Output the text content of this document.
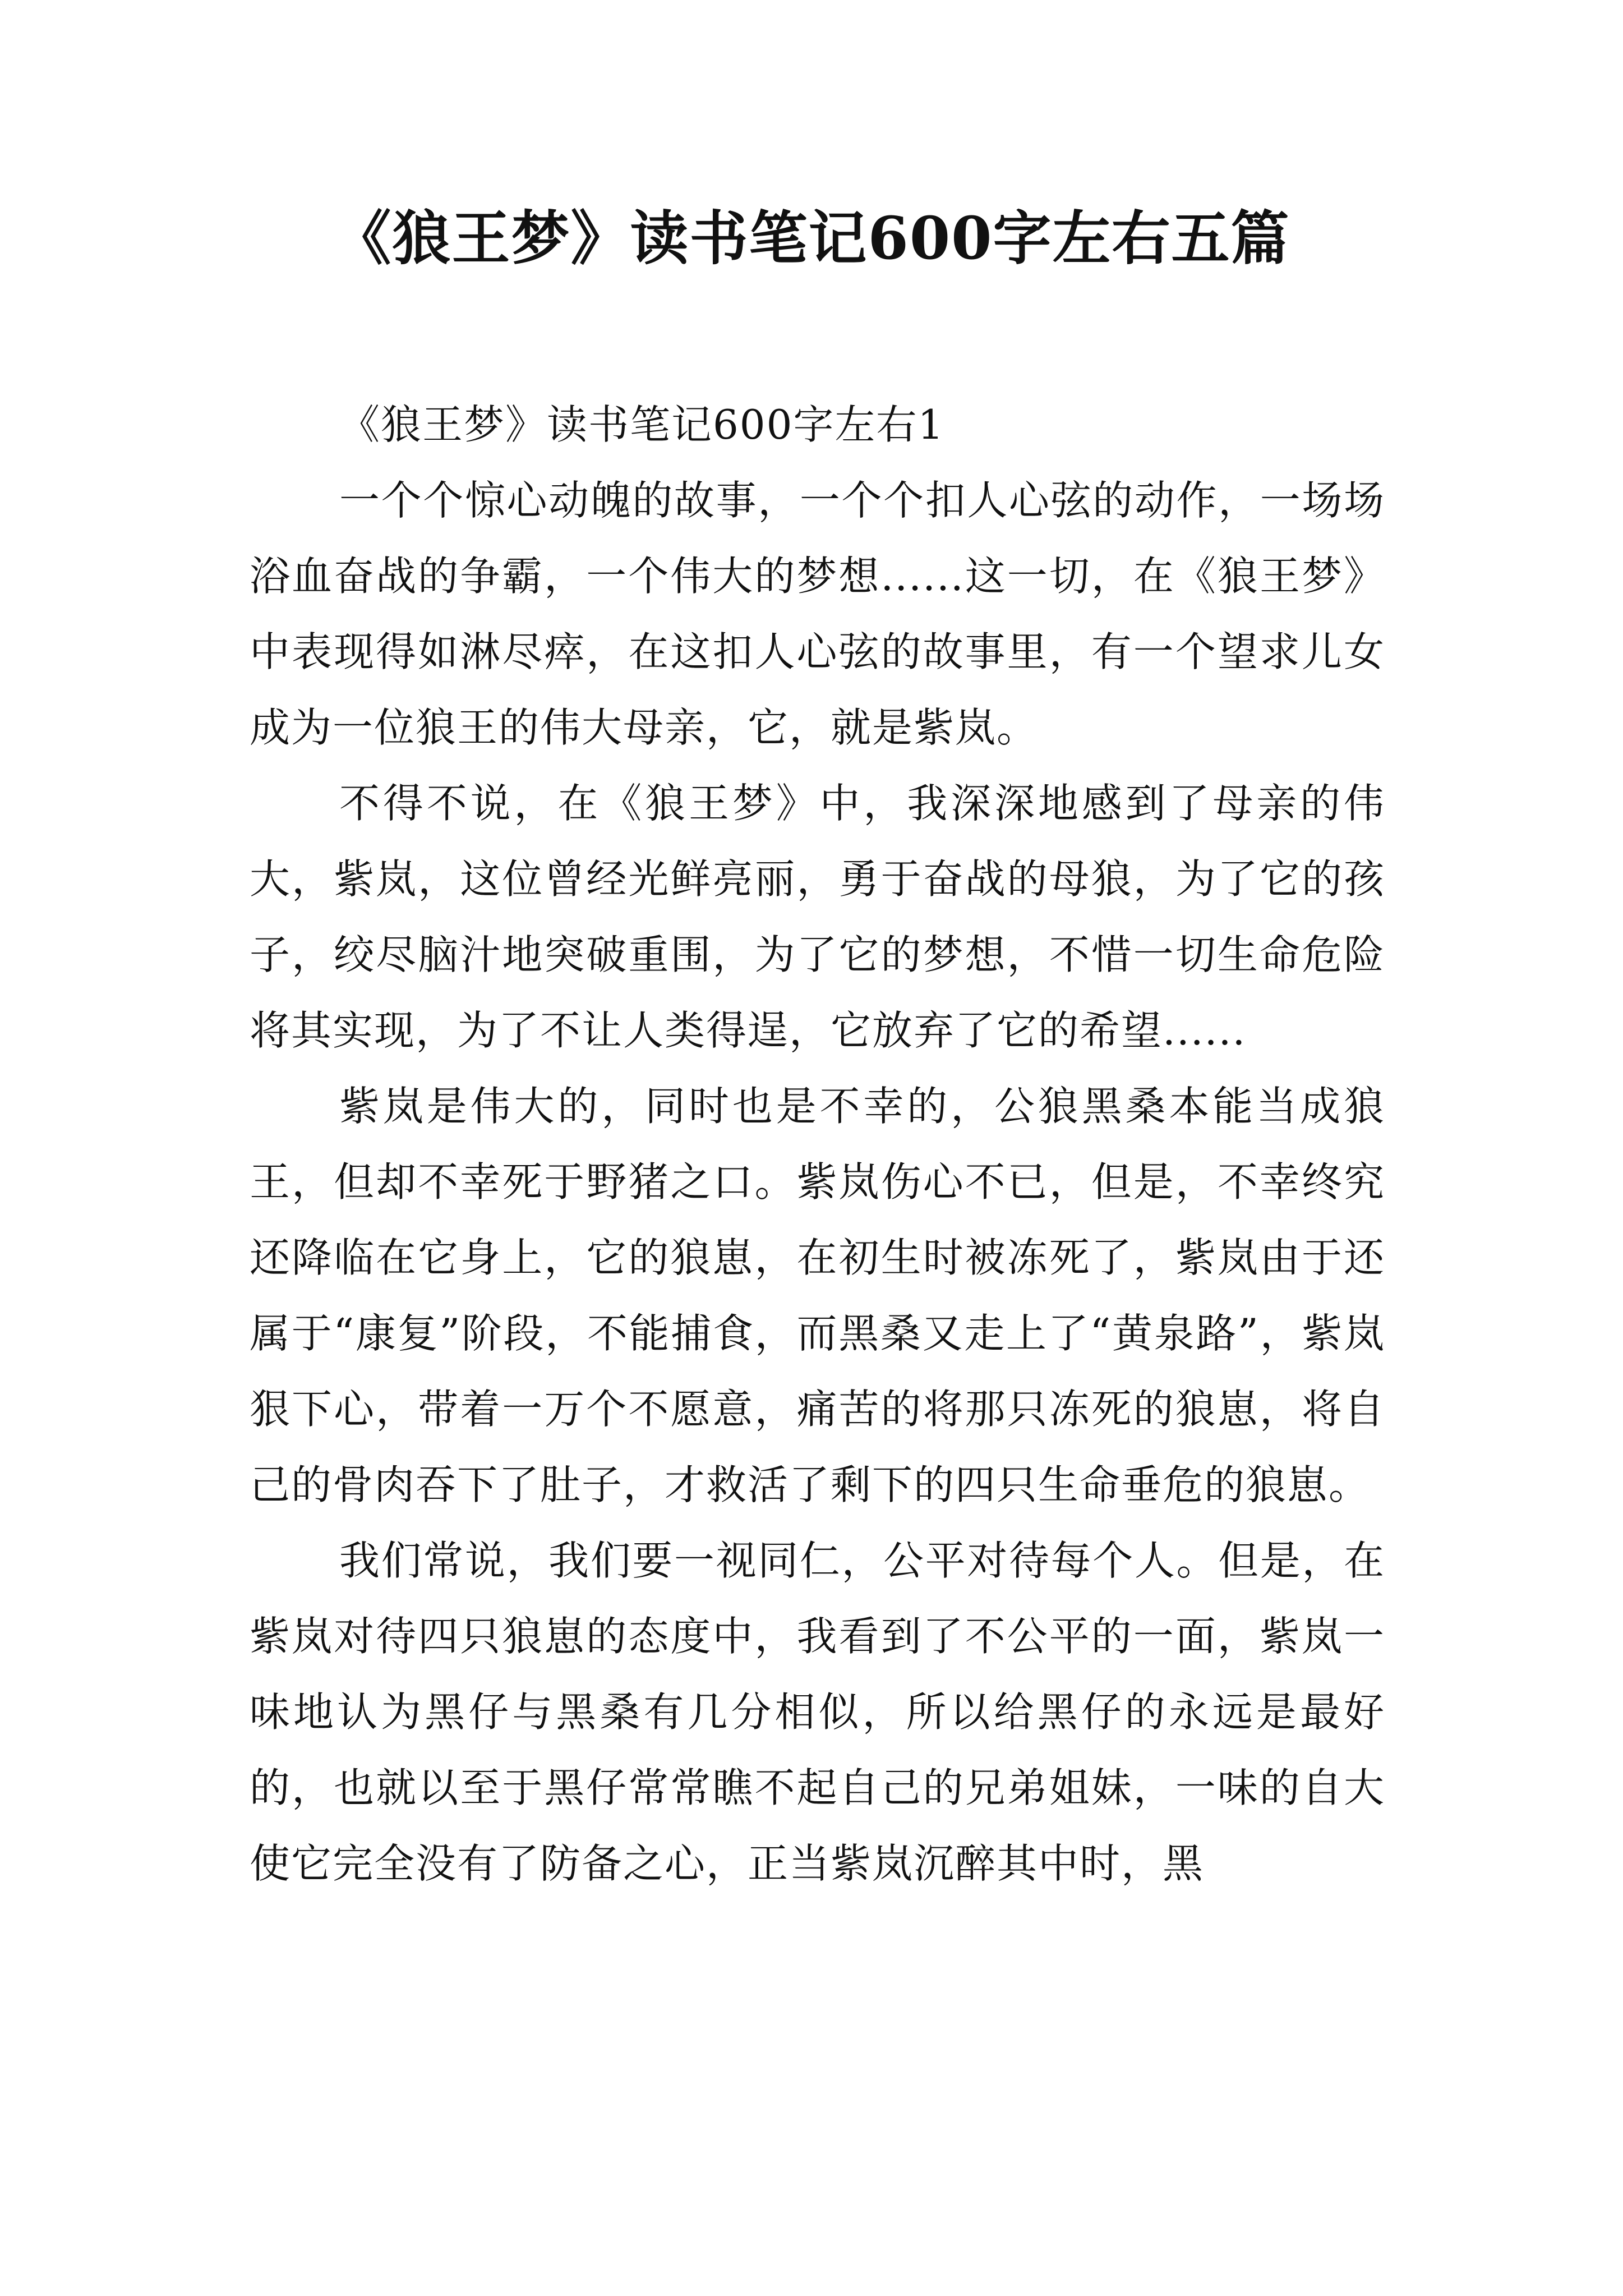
《狼王梦》读书笔记600字左右五篇

《狼王梦》读书笔记600字左右1

一个个惊心动魄的故事，一个个扣人心弦的动作，一场场浴血奋战的争霸，一个伟大的梦想......这一切，在《狼王梦》中表现得如淋尽瘁，在这扣人心弦的故事里，有一个望求儿女成为一位狼王的伟大母亲，它，就是紫岚。

不得不说，在《狼王梦》中，我深深地感到了母亲的伟大，紫岚，这位曾经光鲜亮丽，勇于奋战的母狼，为了它的孩子，绞尽脑汁地突破重围，为了它的梦想，不惜一切生命危险将其实现，为了不让人类得逞，它放弃了它的希望......

紫岚是伟大的，同时也是不幸的，公狼黑桑本能当成狼王，但却不幸死于野猪之口。紫岚伤心不已，但是，不幸终究还降临在它身上，它的狼崽，在初生时被冻死了，紫岚由于还属于“康复”阶段，不能捕食，而黑桑又走上了“黄泉路”，紫岚狠下心，带着一万个不愿意，痛苦的将那只冻死的狼崽，将自己的骨肉吞下了肚子，才救活了剩下的四只生命垂危的狼崽。

我们常说，我们要一视同仁，公平对待每个人。但是，在紫岚对待四只狼崽的态度中，我看到了不公平的一面，紫岚一味地认为黑仔与黑桑有几分相似，所以给黑仔的永远是最好的，也就以至于黑仔常常瞧不起自己的兄弟姐妹，一味的自大使它完全没有了防备之心，正当紫岚沉醉其中时，黑
